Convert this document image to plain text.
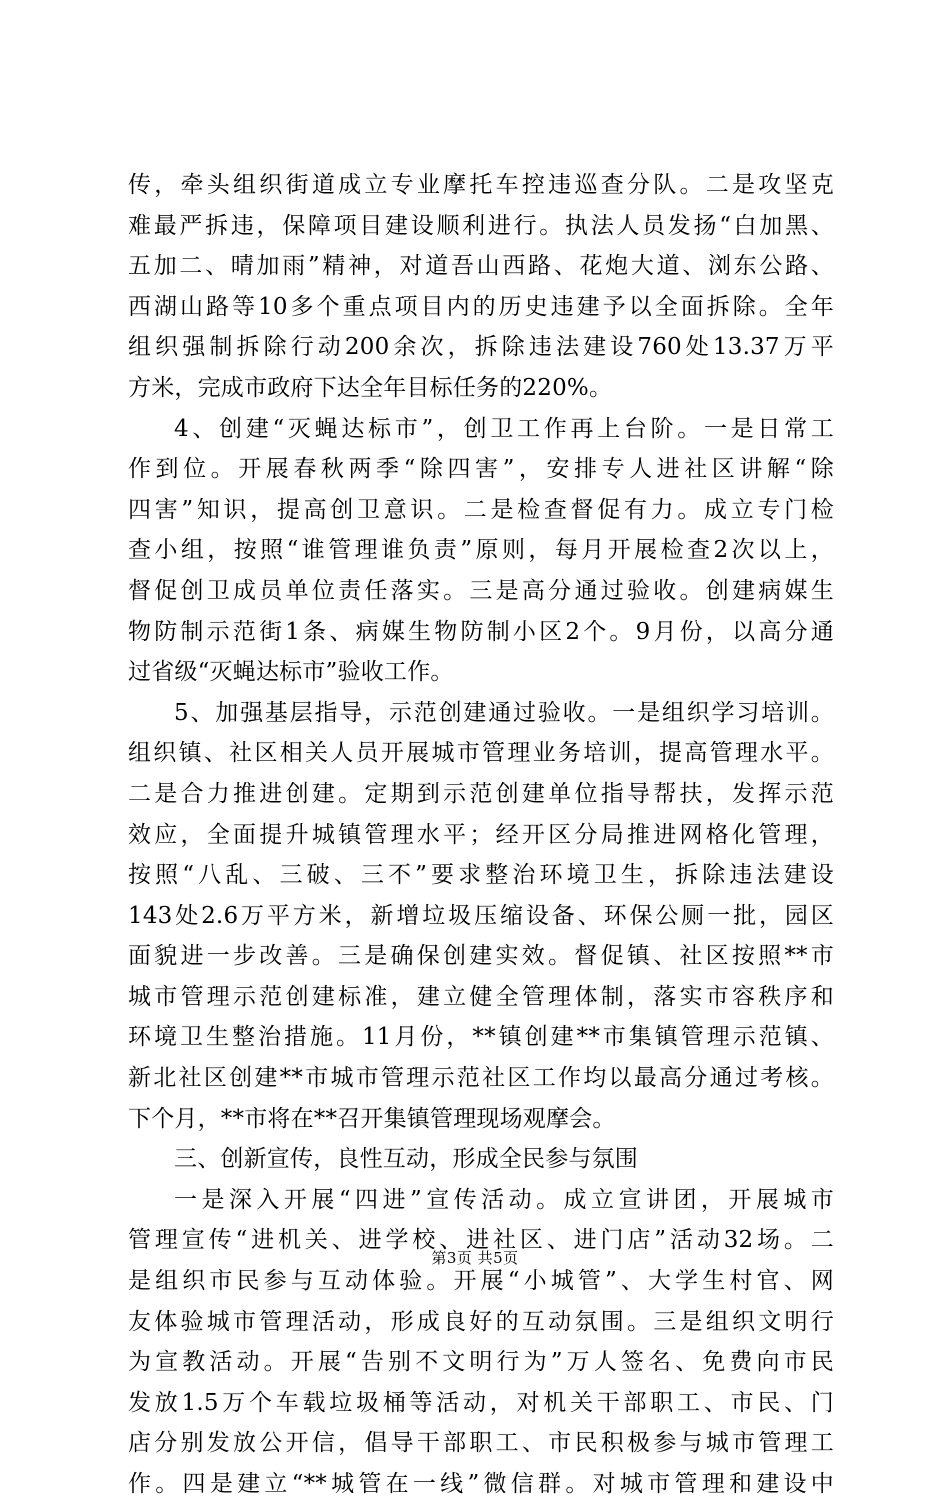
传，牵头组织街道成立专业摩托车控违巡查分队。二是攻坚克
难最严拆违，保障项目建设顺利进行。执法人员发扬“白加黑、
五加二、晴加雨”精神，对道吾山西路、花炮大道、浏东公路、
西湖山路等10多个重点项目内的历史违建予以全面拆除。全年
组织强制拆除行动200余次，拆除违法建设760处13.37万平
方米，完成市政府下达全年目标任务的220%。
4、创建“灭蝇达标市”，创卫工作再上台阶。一是日常工
作到位。开展春秋两季“除四害”，安排专人进社区讲解“除
四害”知识，提高创卫意识。二是检查督促有力。成立专门检
查小组，按照“谁管理谁负责”原则，每月开展检查2次以上，
督促创卫成员单位责任落实。三是高分通过验收。创建病媒生
物防制示范街1条、病媒生物防制小区2个。9月份，以高分通
过省级“灭蝇达标市”验收工作。
5、加强基层指导，示范创建通过验收。一是组织学习培训。
组织镇、社区相关人员开展城市管理业务培训，提高管理水平。
二是合力推进创建。定期到示范创建单位指导帮扶，发挥示范
效应，全面提升城镇管理水平；经开区分局推进网格化管理，
按照“八乱、三破、三不”要求整治环境卫生，拆除违法建设
143处2.6万平方米，新增垃圾压缩设备、环保公厕一批，园区
面貌进一步改善。三是确保创建实效。督促镇、社区按照**市
城市管理示范创建标准，建立健全管理体制，落实市容秩序和
环境卫生整治措施。11月份，**镇创建**市集镇管理示范镇、
新北社区创建**市城市管理示范社区工作均以最高分通过考核。
下个月，**市将在**召开集镇管理现场观摩会。
三、创新宣传，良性互动，形成全民参与氛围
一是深入开展“四进”宣传活动。成立宣讲团，开展城市
管理宣传“进机关、进学校、进社区、进门店”活动32场。二
是组织市民参与互动体验。开展“小城管”、大学生村官、网
友体验城市管理活动，形成良好的互动氛围。三是组织文明行
为宣教活动。开展“告别不文明行为”万人签名、免费向市民
发放1.5万个车载垃圾桶等活动，对机关干部职工、市民、门
店分别发放公开信，倡导干部职工、市民积极参与城市管理工
作。四是建立“**城管在一线”微信群。对城市管理和建设中
第3页 共5页
